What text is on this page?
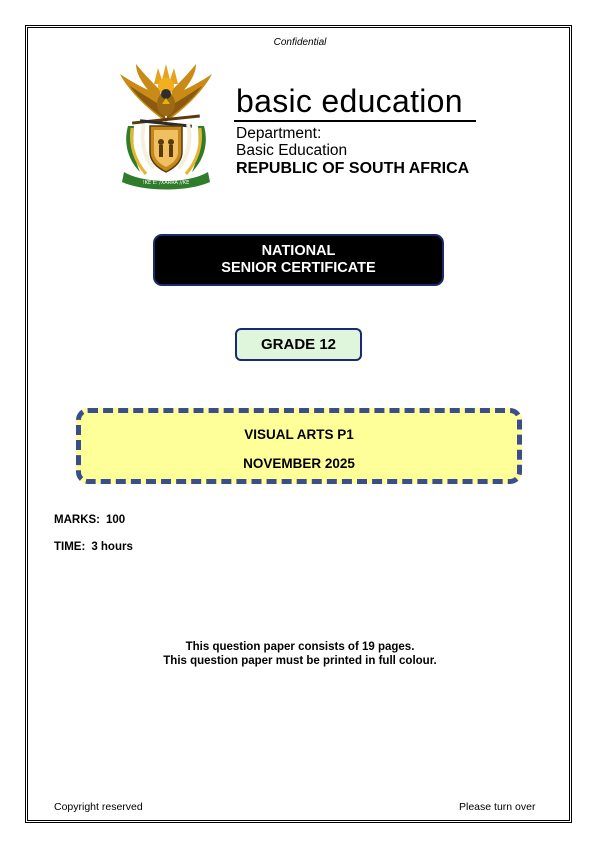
Confidential
!KE E: /XARRA //KE
basic education
Department:
Basic Education
REPUBLIC OF SOUTH AFRICA
NATIONAL
SENIOR CERTIFICATE
GRADE 12
VISUAL ARTS P1
NOVEMBER 2025
MARKS: 100
TIME: 3 hours
This question paper consists of 19 pages.
This question paper must be printed in full colour.
Copyright reserved	Please turn over
